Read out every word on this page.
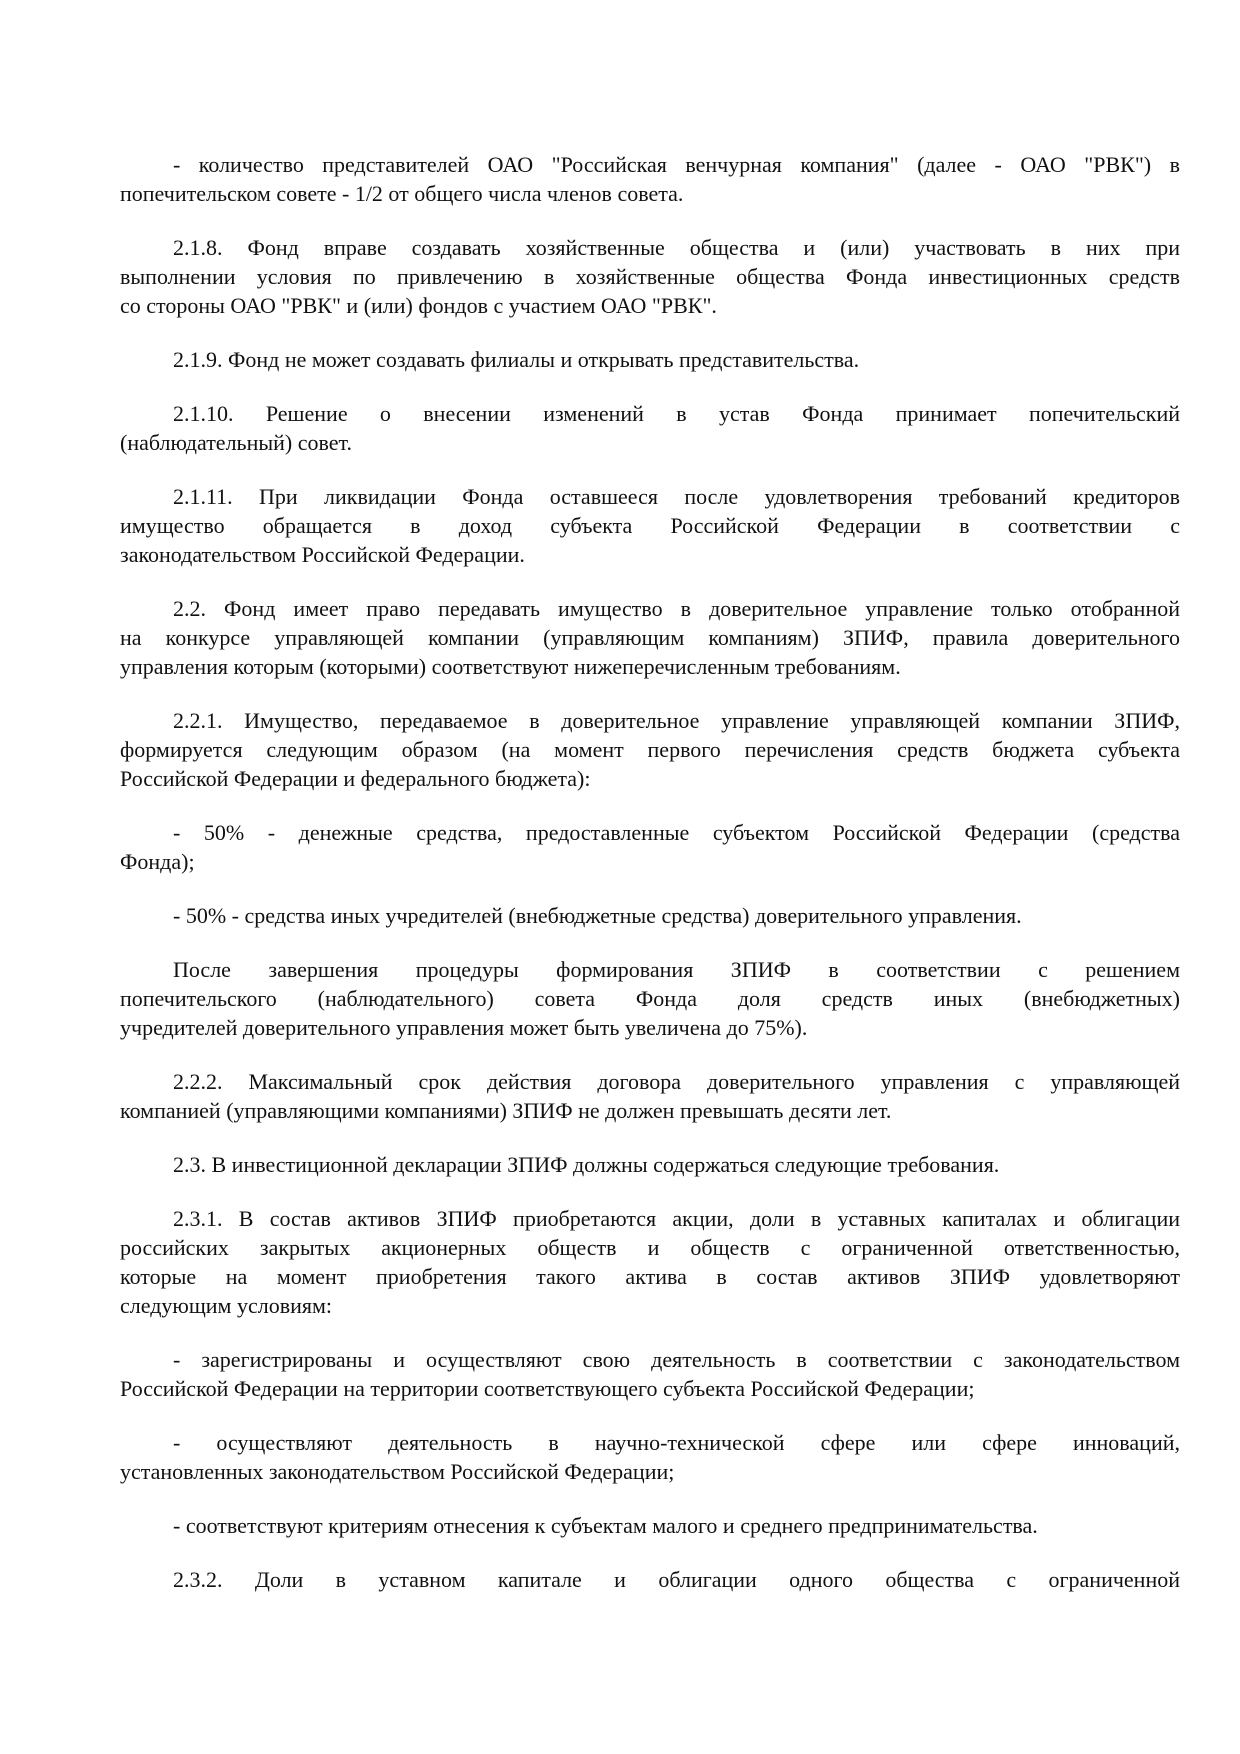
- количество представителей ОАО "Российская венчурная компания" (далее - ОАО "РВК") в
попечительском совете - 1/2 от общего числа членов совета.
2.1.8. Фонд вправе создавать хозяйственные общества и (или) участвовать в них при
выполнении условия по привлечению в хозяйственные общества Фонда инвестиционных средств
со стороны ОАО "РВК" и (или) фондов с участием ОАО "РВК".
2.1.9. Фонд не может создавать филиалы и открывать представительства.
2.1.10. Решение о внесении изменений в устав Фонда принимает попечительский
(наблюдательный) совет.
2.1.11. При ликвидации Фонда оставшееся после удовлетворения требований кредиторов
имущество обращается в доход субъекта Российской Федерации в соответствии с
законодательством Российской Федерации.
2.2. Фонд имеет право передавать имущество в доверительное управление только отобранной
на конкурсе управляющей компании (управляющим компаниям) ЗПИФ, правила доверительного
управления которым (которыми) соответствуют нижеперечисленным требованиям.
2.2.1. Имущество, передаваемое в доверительное управление управляющей компании ЗПИФ,
формируется следующим образом (на момент первого перечисления средств бюджета субъекта
Российской Федерации и федерального бюджета):
- 50% - денежные средства, предоставленные субъектом Российской Федерации (средства
Фонда);
- 50% - средства иных учредителей (внебюджетные средства) доверительного управления.
После завершения процедуры формирования ЗПИФ в соответствии с решением
попечительского (наблюдательного) совета Фонда доля средств иных (внебюджетных)
учредителей доверительного управления может быть увеличена до 75%).
2.2.2. Максимальный срок действия договора доверительного управления с управляющей
компанией (управляющими компаниями) ЗПИФ не должен превышать десяти лет.
2.3. В инвестиционной декларации ЗПИФ должны содержаться следующие требования.
2.3.1. В состав активов ЗПИФ приобретаются акции, доли в уставных капиталах и облигации
российских закрытых акционерных обществ и обществ с ограниченной ответственностью,
которые на момент приобретения такого актива в состав активов ЗПИФ удовлетворяют
следующим условиям:
- зарегистрированы и осуществляют свою деятельность в соответствии с законодательством
Российской Федерации на территории соответствующего субъекта Российской Федерации;
- осуществляют деятельность в научно-технической сфере или сфере инноваций,
установленных законодательством Российской Федерации;
- соответствуют критериям отнесения к субъектам малого и среднего предпринимательства.
2.3.2. Доли в уставном капитале и облигации одного общества с ограниченной
